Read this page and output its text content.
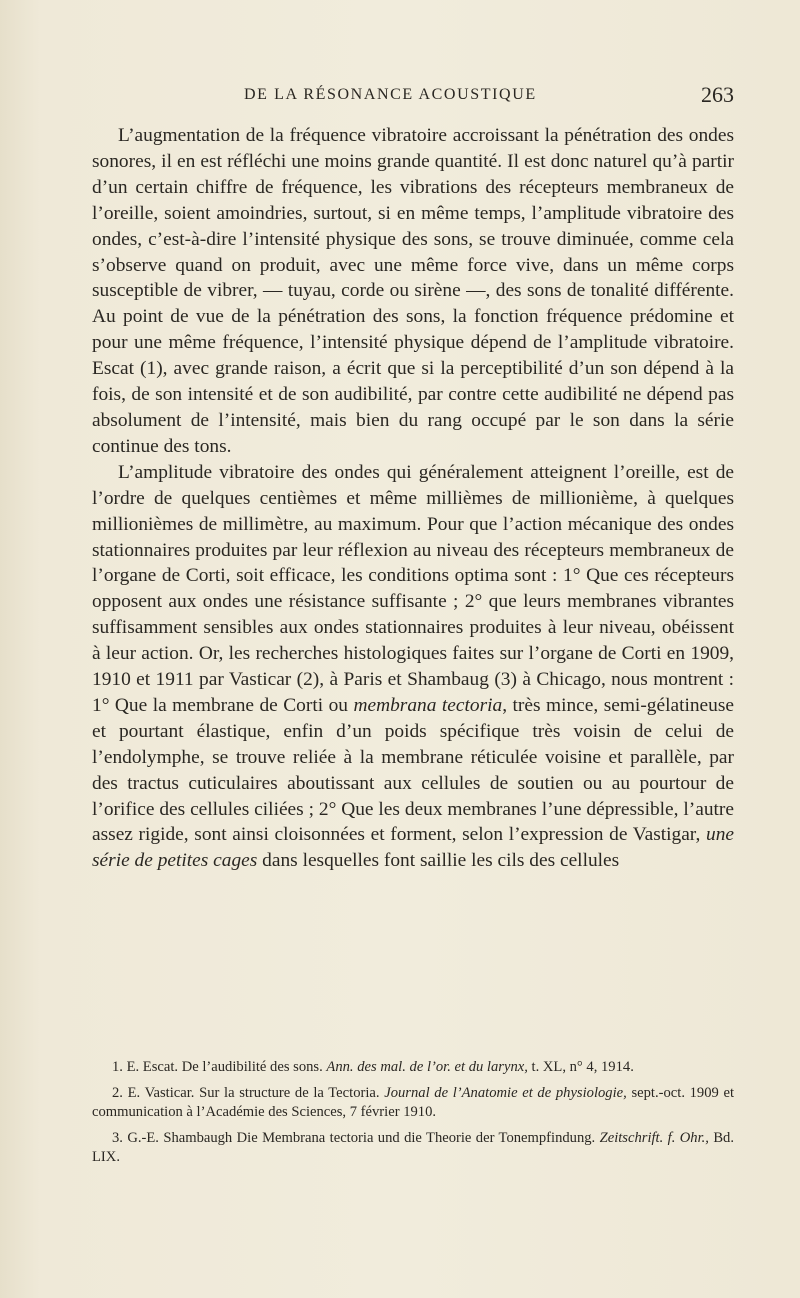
DE LA RÉSONANCE ACOUSTIQUE	263

L’augmentation de la fréquence vibratoire accroissant la pénétration des ondes sonores, il en est réfléchi une moins grande quantité. Il est donc naturel qu’à partir d’un certain chiffre de fréquence, les vibrations des récepteurs membraneux de l’oreille, soient amoindries, surtout, si en même temps, l’amplitude vibratoire des ondes, c’est-à-dire l’intensité physique des sons, se trouve diminuée, comme cela s’observe quand on produit, avec une même force vive, dans un même corps susceptible de vibrer, — tuyau, corde ou sirène —, des sons de tonalité différente. Au point de vue de la pénétration des sons, la fonction fréquence prédomine et pour une même fréquence, l’intensité physique dépend de l’amplitude vibratoire. Escat (1), avec grande raison, a écrit que si la perceptibilité d’un son dépend à la fois, de son intensité et de son audibilité, par contre cette audibilité ne dépend pas absolument de l’intensité, mais bien du rang occupé par le son dans la série continue des tons.

L’amplitude vibratoire des ondes qui généralement atteignent l’oreille, est de l’ordre de quelques centièmes et même millièmes de millionième, à quelques millionièmes de millimètre, au maximum. Pour que l’action mécanique des ondes stationnaires produites par leur réflexion au niveau des récepteurs membraneux de l’organe de Corti, soit efficace, les conditions optima sont : 1° Que ces récepteurs opposent aux ondes une résistance suffisante ; 2° que leurs membranes vibrantes suffisamment sensibles aux ondes stationnaires produites à leur niveau, obéissent à leur action. Or, les recherches histologiques faites sur l’organe de Corti en 1909, 1910 et 1911 par Vasticar (2), à Paris et Shambaug (3) à Chicago, nous montrent : 1° Que la membrane de Corti ou membrana tectoria, très mince, semi-gélatineuse et pourtant élastique, enfin d’un poids spécifique très voisin de celui de l’endolymphe, se trouve reliée à la membrane réticulée voisine et parallèle, par des tractus cuticulaires aboutissant aux cellules de soutien ou au pourtour de l’orifice des cellules ciliées ; 2° Que les deux membranes l’une dépressible, l’autre assez rigide, sont ainsi cloisonnées et forment, selon l’expression de Vastigar, une série de petites cages dans lesquelles font saillie les cils des cellules

1. E. Escat. De l’audibilité des sons. Ann. des mal. de l’or. et du larynx, t. XL, n° 4, 1914.

2. E. Vasticar. Sur la structure de la Tectoria. Journal de l’Anatomie et de physiologie, sept.-oct. 1909 et communication à l’Académie des Sciences, 7 février 1910.

3. G.-E. Shambaugh Die Membrana tectoria und die Theorie der Tonempfindung. Zeitschrift. f. Ohr., Bd. LIX.
